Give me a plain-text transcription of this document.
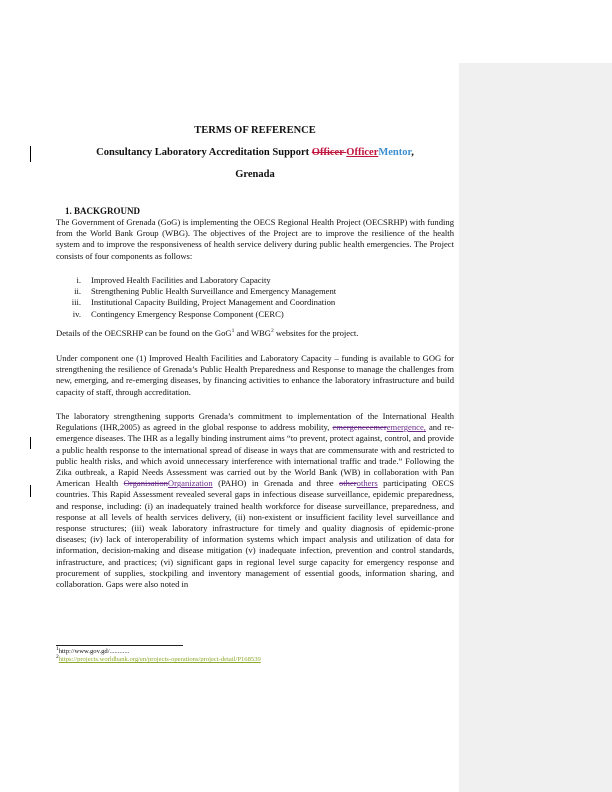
TERMS OF REFERENCE

Consultancy Laboratory Accreditation Support Officer OfficerMentor,

Grenada

1. BACKGROUND

The Government of Grenada (GoG) is implementing the OECS Regional Health Project (OECSRHP) with funding from the World Bank Group (WBG). The objectives of the Project are to improve the resilience of the health system and to improve the responsiveness of health service delivery during public health emergencies. The Project consists of four components as follows:

i. Improved Health Facilities and Laboratory Capacity
ii. Strengthening Public Health Surveillance and Emergency Management
iii. Institutional Capacity Building, Project Management and Coordination
iv. Contingency Emergency Response Component (CERC)

Details of the OECSRHP can be found on the GoG$^1$ and WBG$^2$ websites for the project.

Under component one (1) Improved Health Facilities and Laboratory Capacity – funding is available to GOG for strengthening the resilience of Grenada’s Public Health Preparedness and Response to manage the challenges from new, emerging, and re-emerging diseases, by financing activities to enhance the laboratory infrastructure and build capacity of staff, through accreditation.

The laboratory strengthening supports Grenada’s commitment to implementation of the International Health Regulations (IHR,2005) as agreed in the global response to address mobility, emergenceemeremergence, and re-emergence diseases. The IHR as a legally binding instrument aims “to prevent, protect against, control, and provide a public health response to the international spread of disease in ways that are commensurate with and restricted to public health risks, and which avoid unnecessary interference with international traffic and trade.” Following the Zika outbreak, a Rapid Needs Assessment was carried out by the World Bank (WB) in collaboration with Pan American Health OrganisationOrganization (PAHO) in Grenada and three otherothers participating OECS countries. This Rapid Assessment revealed several gaps in infectious disease surveillance, epidemic preparedness, and response, including: (i) an inadequately trained health workforce for disease surveillance, preparedness, and response at all levels of health services delivery, (ii) non-existent or insufficient facility level surveillance and response structures; (iii) weak laboratory infrastructure for timely and quality diagnosis of epidemic-prone diseases; (iv) lack of interoperability of information systems which impact analysis and utilization of data for information, decision-making and disease mitigation (v) inadequate infection, prevention and control standards, infrastructure, and practices; (vi) significant gaps in regional level surge capacity for emergency response and procurement of supplies, stockpiling and inventory management of essential goods, information sharing, and collaboration. Gaps were also noted in

$^1$http://www.gov.gd/............
$^2$https://projects.worldbank.org/en/projects-operations/project-detail/P168539
